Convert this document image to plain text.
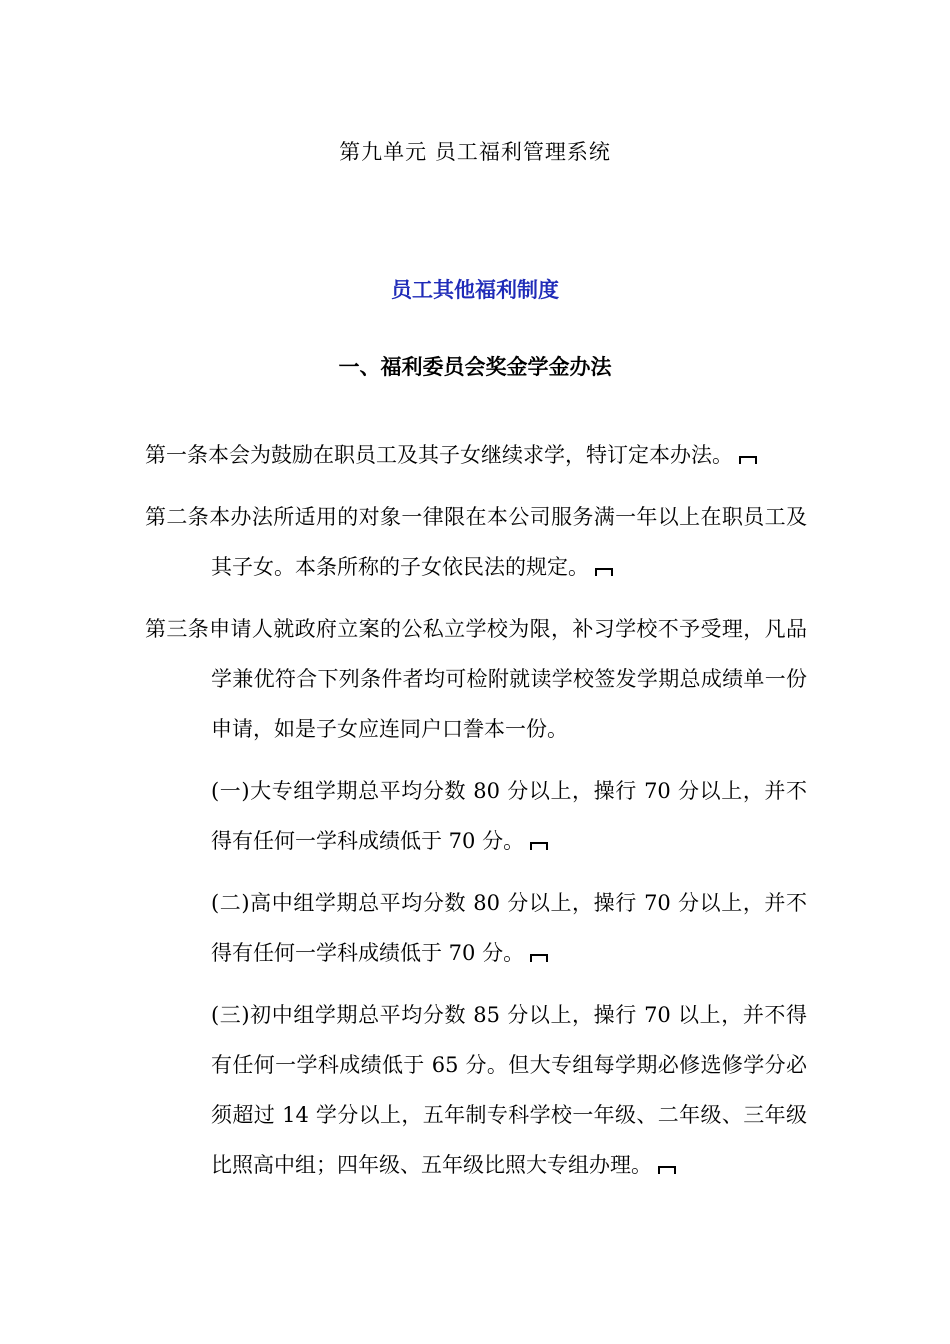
第九单元 员工福利管理系统
员工其他福利制度
一、福利委员会奖金学金办法

第一条本会为鼓励在职员工及其子女继续求学，特订定本办法。

第二条本办法所适用的对象一律限在本公司服务满一年以上在职员工及其子女。本条所称的子女依民法的规定。

第三条申请人就政府立案的公私立学校为限，补习学校不予受理，凡品学兼优符合下列条件者均可检附就读学校签发学期总成绩单一份申请，如是子女应连同户口誊本一份。

(一)大专组学期总平均分数 80 分以上，操行 70 分以上，并不得有任何一学科成绩低于 70 分。

(二)高中组学期总平均分数 80 分以上，操行 70 分以上，并不得有任何一学科成绩低于 70 分。

(三)初中组学期总平均分数 85 分以上，操行 70 以上，并不得有任何一学科成绩低于 65 分。但大专组每学期必修选修学分必须超过 14 学分以上，五年制专科学校一年级、二年级、三年级比照高中组；四年级、五年级比照大专组办理。
